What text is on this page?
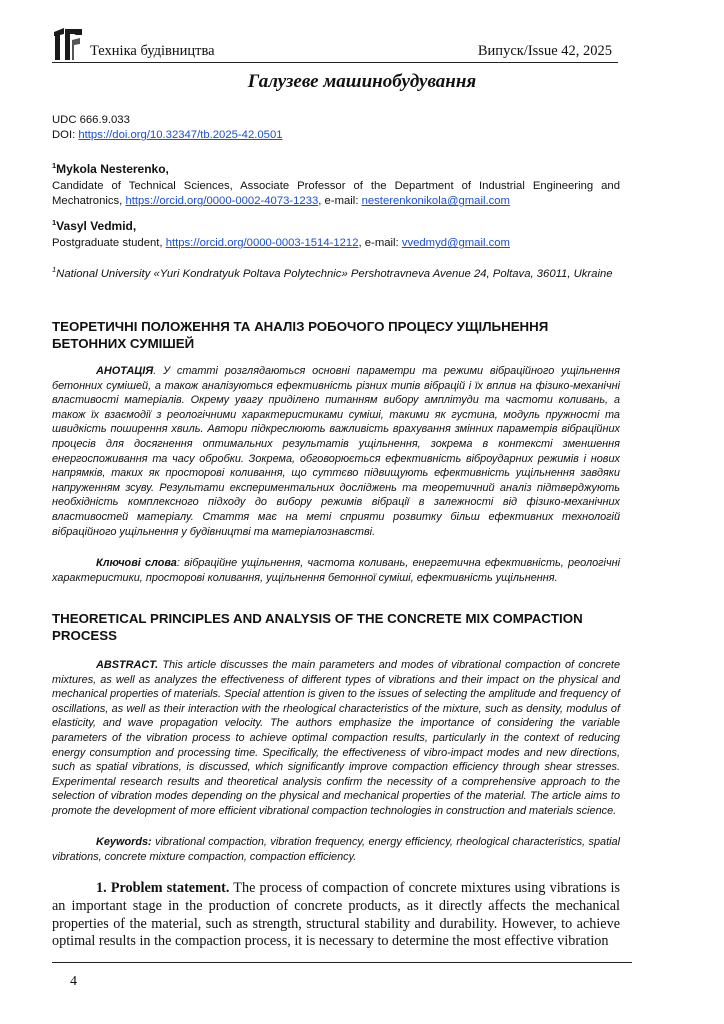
Техніка будівництва	Випуск/Issue 42, 2025
Галузеве машинобудування
UDC 666.9.033
DOI: https://doi.org/10.32347/tb.2025-42.0501
$^1$Mykola Nesterenko,
Candidate of Technical Sciences, Associate Professor of the Department of Industrial Engineering and Mechatronics, https://orcid.org/0000-0002-4073-1233, e-mail: nesterenkonikola@gmail.com
$^1$Vasyl Vedmid,
Postgraduate student, https://orcid.org/0000-0003-1514-1212, e-mail: vvedmyd@gmail.com
$^1$National University «Yuri Kondratyuk Poltava Polytechnic» Pershotravneva Avenue 24, Poltava, 36011, Ukraine
ТЕОРЕТИЧНІ ПОЛОЖЕННЯ ТА АНАЛІЗ РОБОЧОГО ПРОЦЕСУ УЩІЛЬНЕННЯ БЕТОННИХ СУМІШЕЙ
АНОТАЦІЯ. У статті розглядаються основні параметри та режими вібраційного ущільнення бетонних сумішей, а також аналізуються ефективність різних типів вібрацій і їх вплив на фізико-механічні властивості матеріалів. Окрему увагу приділено питанням вибору амплітуди та частоти коливань, а також їх взаємодії з реологічними характеристиками суміші, такими як густина, модуль пружності та швидкість поширення хвиль. Автори підкреслюють важливість врахування змінних параметрів вібраційних процесів для досягнення оптимальних результатів ущільнення, зокрема в контексті зменшення енергоспоживання та часу обробки. Зокрема, обговорюється ефективність віброударних режимів і нових напрямків, таких як просторові коливання, що суттєво підвищують ефективність ущільнення завдяки напруженням зсуву. Результати експериментальних досліджень та теоретичний аналіз підтверджують необхідність комплексного підходу до вибору режимів вібрації в залежності від фізико-механічних властивостей матеріалу. Стаття має на меті сприяти розвитку більш ефективних технологій вібраційного ущільнення у будівництві та матеріалознавстві.
Ключові слова: вібраційне ущільнення, частота коливань, енергетична ефективність, реологічні характеристики, просторові коливання, ущільнення бетонної суміші, ефективність ущільнення.
THEORETICAL PRINCIPLES AND ANALYSIS OF THE CONCRETE MIX COMPACTION PROCESS
ABSTRACT. This article discusses the main parameters and modes of vibrational compaction of concrete mixtures, as well as analyzes the effectiveness of different types of vibrations and their impact on the physical and mechanical properties of materials. Special attention is given to the issues of selecting the amplitude and frequency of oscillations, as well as their interaction with the rheological characteristics of the mixture, such as density, modulus of elasticity, and wave propagation velocity. The authors emphasize the importance of considering the variable parameters of the vibration process to achieve optimal compaction results, particularly in the context of reducing energy consumption and processing time. Specifically, the effectiveness of vibro-impact modes and new directions, such as spatial vibrations, is discussed, which significantly improve compaction efficiency through shear stresses. Experimental research results and theoretical analysis confirm the necessity of a comprehensive approach to the selection of vibration modes depending on the physical and mechanical properties of the material. The article aims to promote the development of more efficient vibrational compaction technologies in construction and materials science.
Keywords: vibrational compaction, vibration frequency, energy efficiency, rheological characteristics, spatial vibrations, concrete mixture compaction, compaction efficiency.
1. Problem statement. The process of compaction of concrete mixtures using vibrations is an important stage in the production of concrete products, as it directly affects the mechanical properties of the material, such as strength, structural stability and durability. However, to achieve optimal results in the compaction process, it is necessary to determine the most effective vibration
4
